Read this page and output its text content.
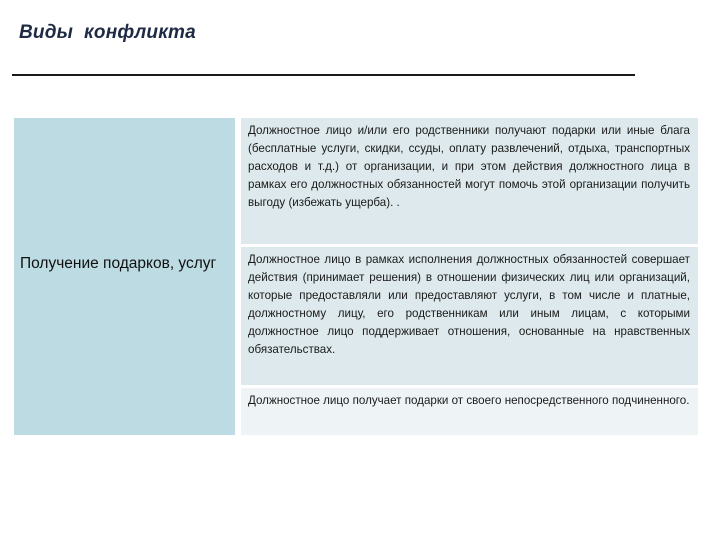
Виды  конфликта
Получение подарков, услуг
Должностное лицо и/или его родственники получают подарки или иные блага (бесплатные услуги, скидки, ссуды, оплату развлечений, отдыха, транспортных расходов и т.д.) от организации, и при этом действия должностного лица в рамках его должностных обязанностей могут помочь этой организации получить выгоду (избежать ущерба). .
Должностное лицо в рамках исполнения должностных обязанностей совершает действия (принимает решения) в отношении физических лиц или организаций, которые предоставляли или предоставляют услуги, в том числе и платные, должностному лицу, его родственникам или иным лицам, с которыми должностное лицо поддерживает отношения, основанные на нравственных обязательствах.
Должностное лицо получает подарки от своего непосредственного подчиненного.
